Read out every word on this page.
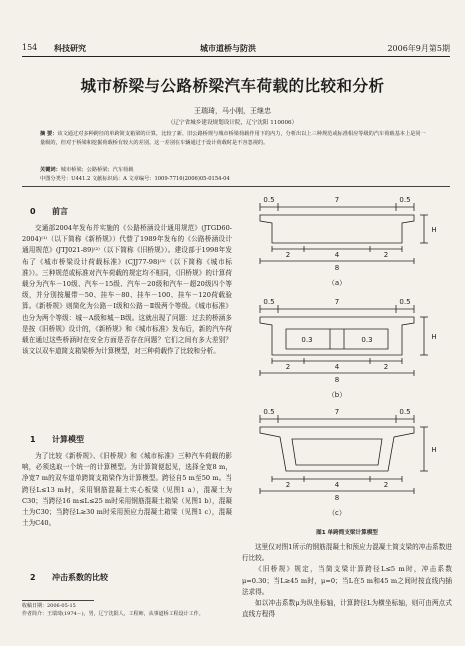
154 科技研究	城市道桥与防洪	2006年9月第5期
城市桥梁与公路桥梁汽车荷载的比较和分析
王瑞琦，马小刚，王继忠
（辽宁省城乡建设规划设计院，辽宁沈阳 110006）
摘 要：该文通过对多种跨径的单跨简支箱梁的计算，比较了新、旧公路桥规与城市桥梁荷载作用下的内力，分析出以上三种规范或标准相应等级的汽车荷载基本上是同一量级的，但对于桥梁和挖掘荷载桥有较大的差别。这一差别在车辆通过于设计荷载时是不容忽视的。
关键词：城市桥梁；公路桥梁；汽车荷载
中图分类号：U441.2 文献标识码：A 文章编号：1009-7716(2006)05-0154-04
0 前言

交通部2004年发布并实施的《公路桥涵设计通用规范》(JTGD60-2004)⁽¹⁾（以下简称《新桥规》）代替了1989年发布的《公路桥涵设计通用规范》(JTJ021-89)⁽²⁾（以下简称《旧桥规》）。建设部于1998年发布了《城市桥梁设计荷载标准》(CJJ77-98)⁽³⁾（以下简称《城市标准》）。三种规范或标准对汽车荷载的规定均不相同，《旧桥规》的计算荷载分为汽车－10级、汽车－15级、汽车－20级和汽车－超20级四个等级，并分别按履带－50、挂车－80、挂车－100、挂车－120荷载验算。《新桥规》则简化为公路－Ⅰ级和公路－Ⅱ级两个等级。《城市标准》也分为两个等级：城－A级和城－B级。这就出现了问题：过去的桥涵多是按《旧桥规》设计的，《新桥规》和《城市标准》发布后，新的汽车荷载在通过这些桥涵时在安全方面是否存在问题？它们之间有多大差别？该文以双车道简支箱梁桥为计算模型，对三种荷载作了比较和分析。

1 计算模型

为了比较《新桥规》、《旧桥规》和《城市标准》三种汽车荷载的影响，必须选取一个统一的计算模型。为计算简便起见，选择全宽8 m，净宽7 m的双车道单跨简支箱梁作为计算模型。跨径自5 m至50 m。当跨径L≤13 m时，采用钢筋混凝土实心板梁（见图1 a），混凝土为C30；当跨径16 m≤L≤25 m时采用钢筋混凝土箱梁（见图1 b），混凝土为C30；当跨径L≥30 m时采用预应力混凝土箱梁（见图1 c），混凝土为C40。

2 冲击系数的比较
收稿日期：2006-05-15
作者简介：王瑞琦(1974－)，男，辽宁沈阳人，工程师，从事道桥工程设计工作。
0.5	7	0.5
H
2	4	2
8
（a）
0.5	7	0.5
0.3	0.3	H
2	4	2
8
（b）
0.5	7	0.5
H
2	4	2
8
（c）
图1 单跨简支梁计算模型

这里仅对图1所示的钢筋混凝土和预应力混凝土简支梁的冲击系数进行比较。

《旧桥规》规定，当简支梁计算跨径L≤5 m时，冲击系数μ=0.30；当L≥45 m时，μ=0；当L在5 m和45 m之间时按直线内插法求得。

如以冲击系数μ为纵坐标轴，计算跨径L为横坐标轴，则可由两点式直线方程得
